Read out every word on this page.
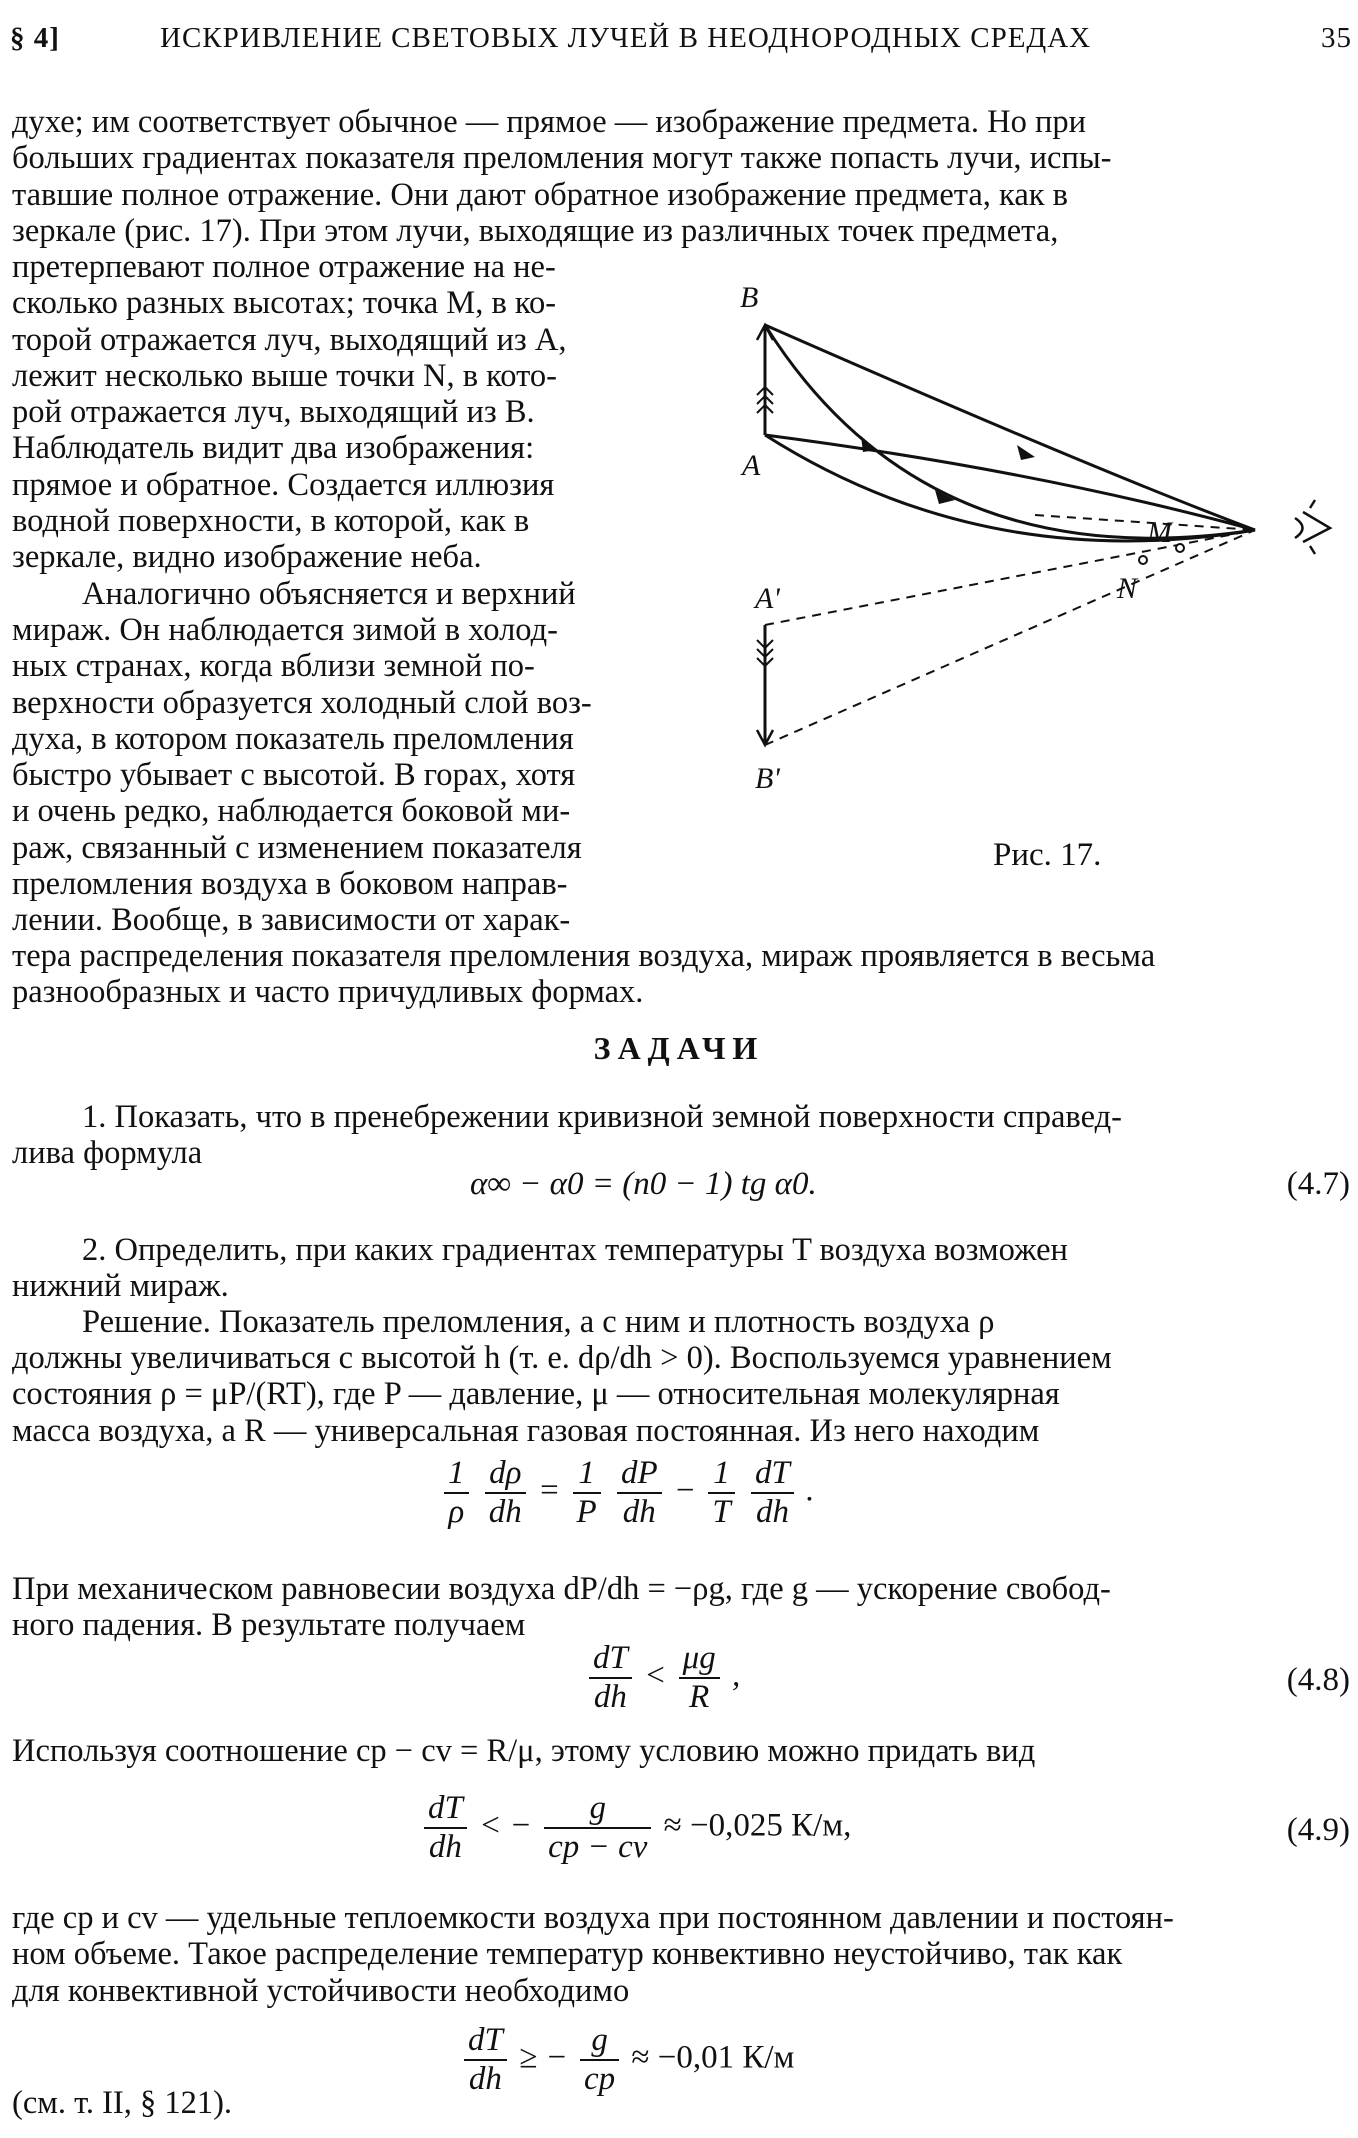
§ 4]	ИСКРИВЛЕНИЕ СВЕТОВЫХ ЛУЧЕЙ В НЕОДНОРОДНЫХ СРЕДАХ	35
духе; им соответствует обычное — прямое — изображение предмета. Но при
больших градиентах показателя преломления могут также попасть лучи, испы-
тавшие полное отражение. Они дают обратное изображение предмета, как в
зеркале (рис. 17). При этом лучи, выходящие из различных точек предмета,
претерпевают полное отражение на не-
сколько разных высотах; точка M, в ко-
торой отражается луч, выходящий из A,
лежит несколько выше точки N, в кото-
рой отражается луч, выходящий из B.
Наблюдатель видит два изображения:
прямое и обратное. Создается иллюзия
водной поверхности, в которой, как в
зеркале, видно изображение неба.
Аналогично объясняется и верхний
мираж. Он наблюдается зимой в холод-
ных странах, когда вблизи земной по-
верхности образуется холодный слой воз-
духа, в котором показатель преломления
быстро убывает с высотой. В горах, хотя
и очень редко, наблюдается боковой ми-
раж, связанный с изменением показателя
преломления воздуха в боковом направ-
лении. Вообще, в зависимости от харак-
тера распределения показателя преломления воздуха, мираж проявляется в весьма
разнообразных и часто причудливых формах.
B
A
A'
B'
M
N
Рис. 17.
ЗАДАЧИ
1. Показать, что в пренебрежении кривизной земной поверхности справед-
лива формула
α∞ − α0 = (n0 − 1) tg α0.	(4.7)
2. Определить, при каких градиентах температуры T воздуха возможен
нижний мираж.
Решение. Показатель преломления, а с ним и плотность воздуха ρ
должны увеличиваться с высотой h (т. е. dρ/dh > 0). Воспользуемся уравнением
состояния ρ = μP/(RT), где P — давление, μ — относительная молекулярная
масса воздуха, а R — универсальная газовая постоянная. Из него находим
$\frac{1}{\rho}$
$\frac{d\rho}{dh} = \frac{1}{P}$
$\frac{dP}{dh} - \frac{1}{T}$
$\frac{dT}{dh}$ .
При механическом равновесии воздуха dP/dh = −ρg, где g — ускорение свобод-
ного падения. В результате получаем
$\frac{dT}{dh} < \frac{\mu g}{R}$ ,	(4.8)
Используя соотношение cp − cv = R/μ, этому условию можно придать вид
$\frac{dT}{dh}$ < − $\frac{g}{cp - cv} \approx -0,025$ К/м,	(4.9)
где cp и cv — удельные теплоемкости воздуха при постоянном давлении и постоян-
ном объеме. Такое распределение температур конвективно неустойчиво, так как
для конвективной устойчивости необходимо
$\frac{dT}{dh}$ ≥ − $\frac{g}{cp} \approx -0,01$ К/м
(см. т. II, § 121).
